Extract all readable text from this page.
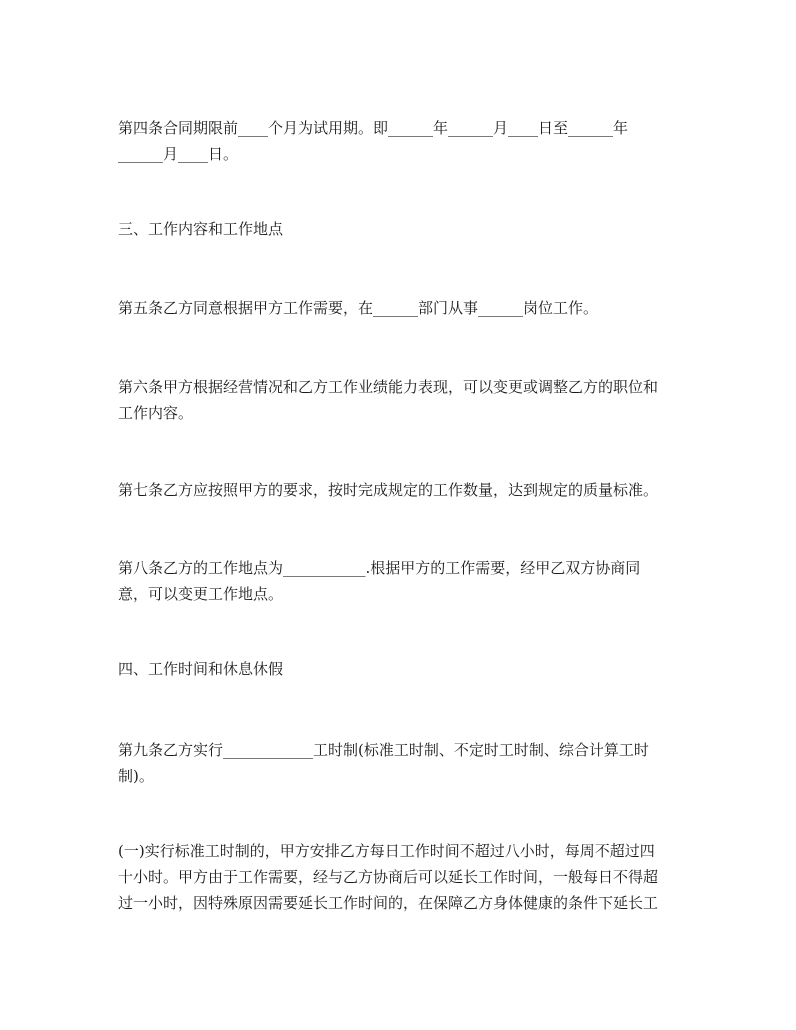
第四条合同期限前____个月为试用期。即______年______月____日至______年
______月____日。
三、工作内容和工作地点
第五条乙方同意根据甲方工作需要，在______部门从事______岗位工作。
第六条甲方根据经营情况和乙方工作业绩能力表现，可以变更或调整乙方的职位和
工作内容。
第七条乙方应按照甲方的要求，按时完成规定的工作数量，达到规定的质量标准。
第八条乙方的工作地点为___________.根据甲方的工作需要，经甲乙双方协商同
意，可以变更工作地点。
四、工作时间和休息休假
第九条乙方实行____________工时制(标准工时制、不定时工时制、综合计算工时
制)。
(一)实行标准工时制的，甲方安排乙方每日工作时间不超过八小时，每周不超过四
十小时。甲方由于工作需要，经与乙方协商后可以延长工作时间，一般每日不得超
过一小时，因特殊原因需要延长工作时间的，在保障乙方身体健康的条件下延长工
